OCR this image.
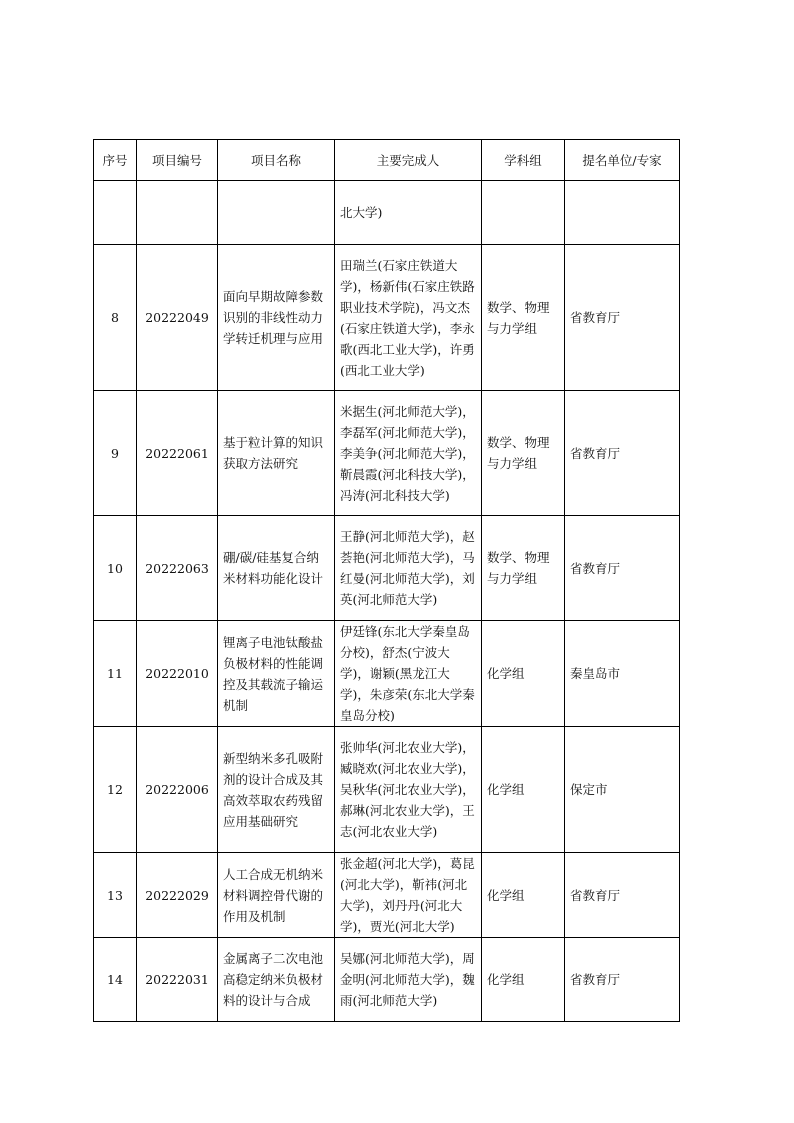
序号	项目编号	项目名称	主要完成人	学科组	提名单位/专家
			北大学)		
8	20222049	面向早期故障参数识别的非线性动力学转迁机理与应用	田瑞兰(石家庄铁道大学)，杨新伟(石家庄铁路职业技术学院)，冯文杰(石家庄铁道大学)，李永歌(西北工业大学)，许勇(西北工业大学)	数学、物理与力学组	省教育厅
9	20222061	基于粒计算的知识获取方法研究	米据生(河北师范大学)，李磊军(河北师范大学)，李美争(河北师范大学)，靳晨霞(河北科技大学)，冯涛(河北科技大学)	数学、物理与力学组	省教育厅
10	20222063	硼/碳/硅基复合纳米材料功能化设计	王静(河北师范大学)，赵荟艳(河北师范大学)，马红曼(河北师范大学)，刘英(河北师范大学)	数学、物理与力学组	省教育厅
11	20222010	锂离子电池钛酸盐负极材料的性能调控及其载流子输运机制	伊廷锋(东北大学秦皇岛分校)，舒杰(宁波大学)，谢颖(黑龙江大学)，朱彦荣(东北大学秦皇岛分校)	化学组	秦皇岛市
12	20222006	新型纳米多孔吸附剂的设计合成及其高效萃取农药残留应用基础研究	张帅华(河北农业大学)，臧晓欢(河北农业大学)，吴秋华(河北农业大学)，郝琳(河北农业大学)，王志(河北农业大学)	化学组	保定市
13	20222029	人工合成无机纳米材料调控骨代谢的作用及机制	张金超(河北大学)，葛昆(河北大学)，靳祎(河北大学)，刘丹丹(河北大学)，贾光(河北大学)	化学组	省教育厅
14	20222031	金属离子二次电池高稳定纳米负极材料的设计与合成	吴娜(河北师范大学)，周金明(河北师范大学)，魏雨(河北师范大学)	化学组	省教育厅
